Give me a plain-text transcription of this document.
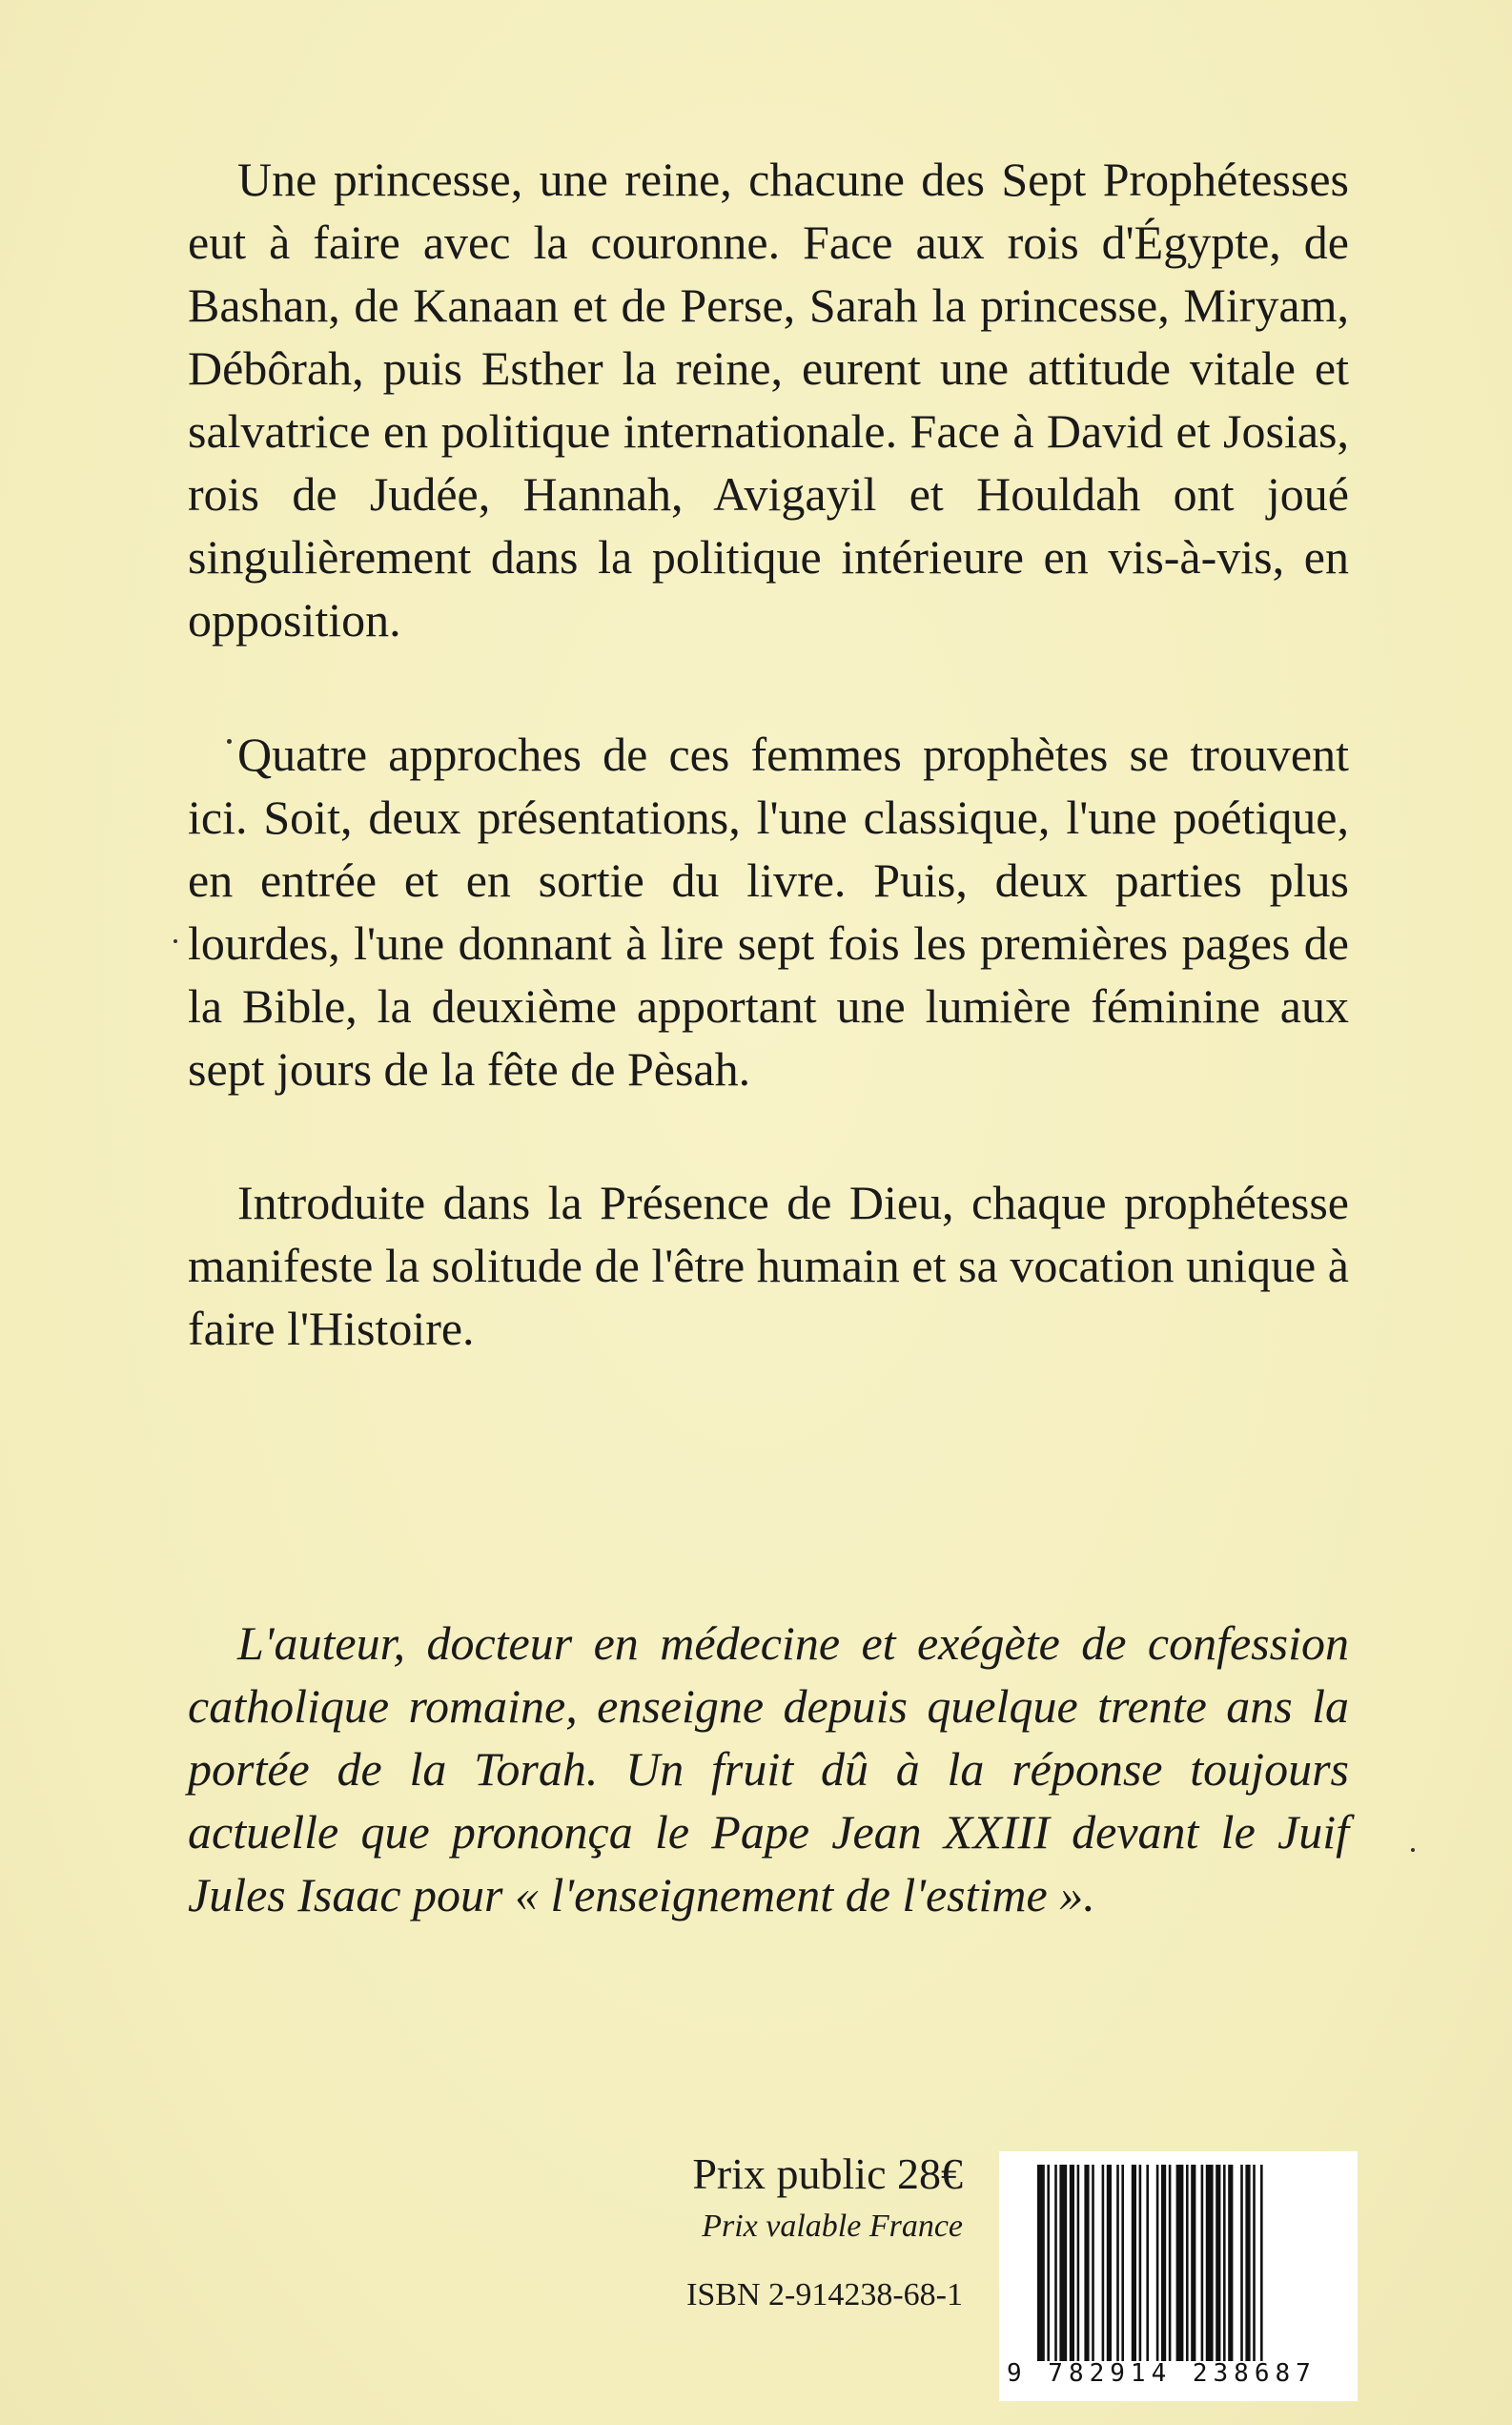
Une princesse, une reine, chacune des Sept Prophétesses eut à faire avec la couronne. Face aux rois d'Égypte, de Bashan, de Kanaan et de Perse, Sarah la princesse, Miryam, Débôrah, puis Esther la reine, eurent une attitude vitale et salvatrice en politique internationale. Face à David et Josias, rois de Judée, Hannah, Avigayil et Houldah ont joué singulièrement dans la politique intérieure en vis-à-vis, en opposition.

Quatre approches de ces femmes prophètes se trouvent ici. Soit, deux présentations, l'une classique, l'une poétique, en entrée et en sortie du livre. Puis, deux parties plus lourdes, l'une donnant à lire sept fois les premières pages de la Bible, la deuxième apportant une lumière féminine aux sept jours de la fête de Pèsah.

Introduite dans la Présence de Dieu, chaque prophétesse manifeste la solitude de l'être humain et sa vocation unique à faire l'Histoire.

L'auteur, docteur en médecine et exégète de confession catholique romaine, enseigne depuis quelque trente ans la portée de la Torah. Un fruit dû à la réponse toujours actuelle que prononça le Pape Jean XXIII devant le Juif Jules Isaac pour « l'enseignement de l'estime ».

Prix public 28€

Prix valable France

ISBN 2-914238-68-1

9 782914 238687
